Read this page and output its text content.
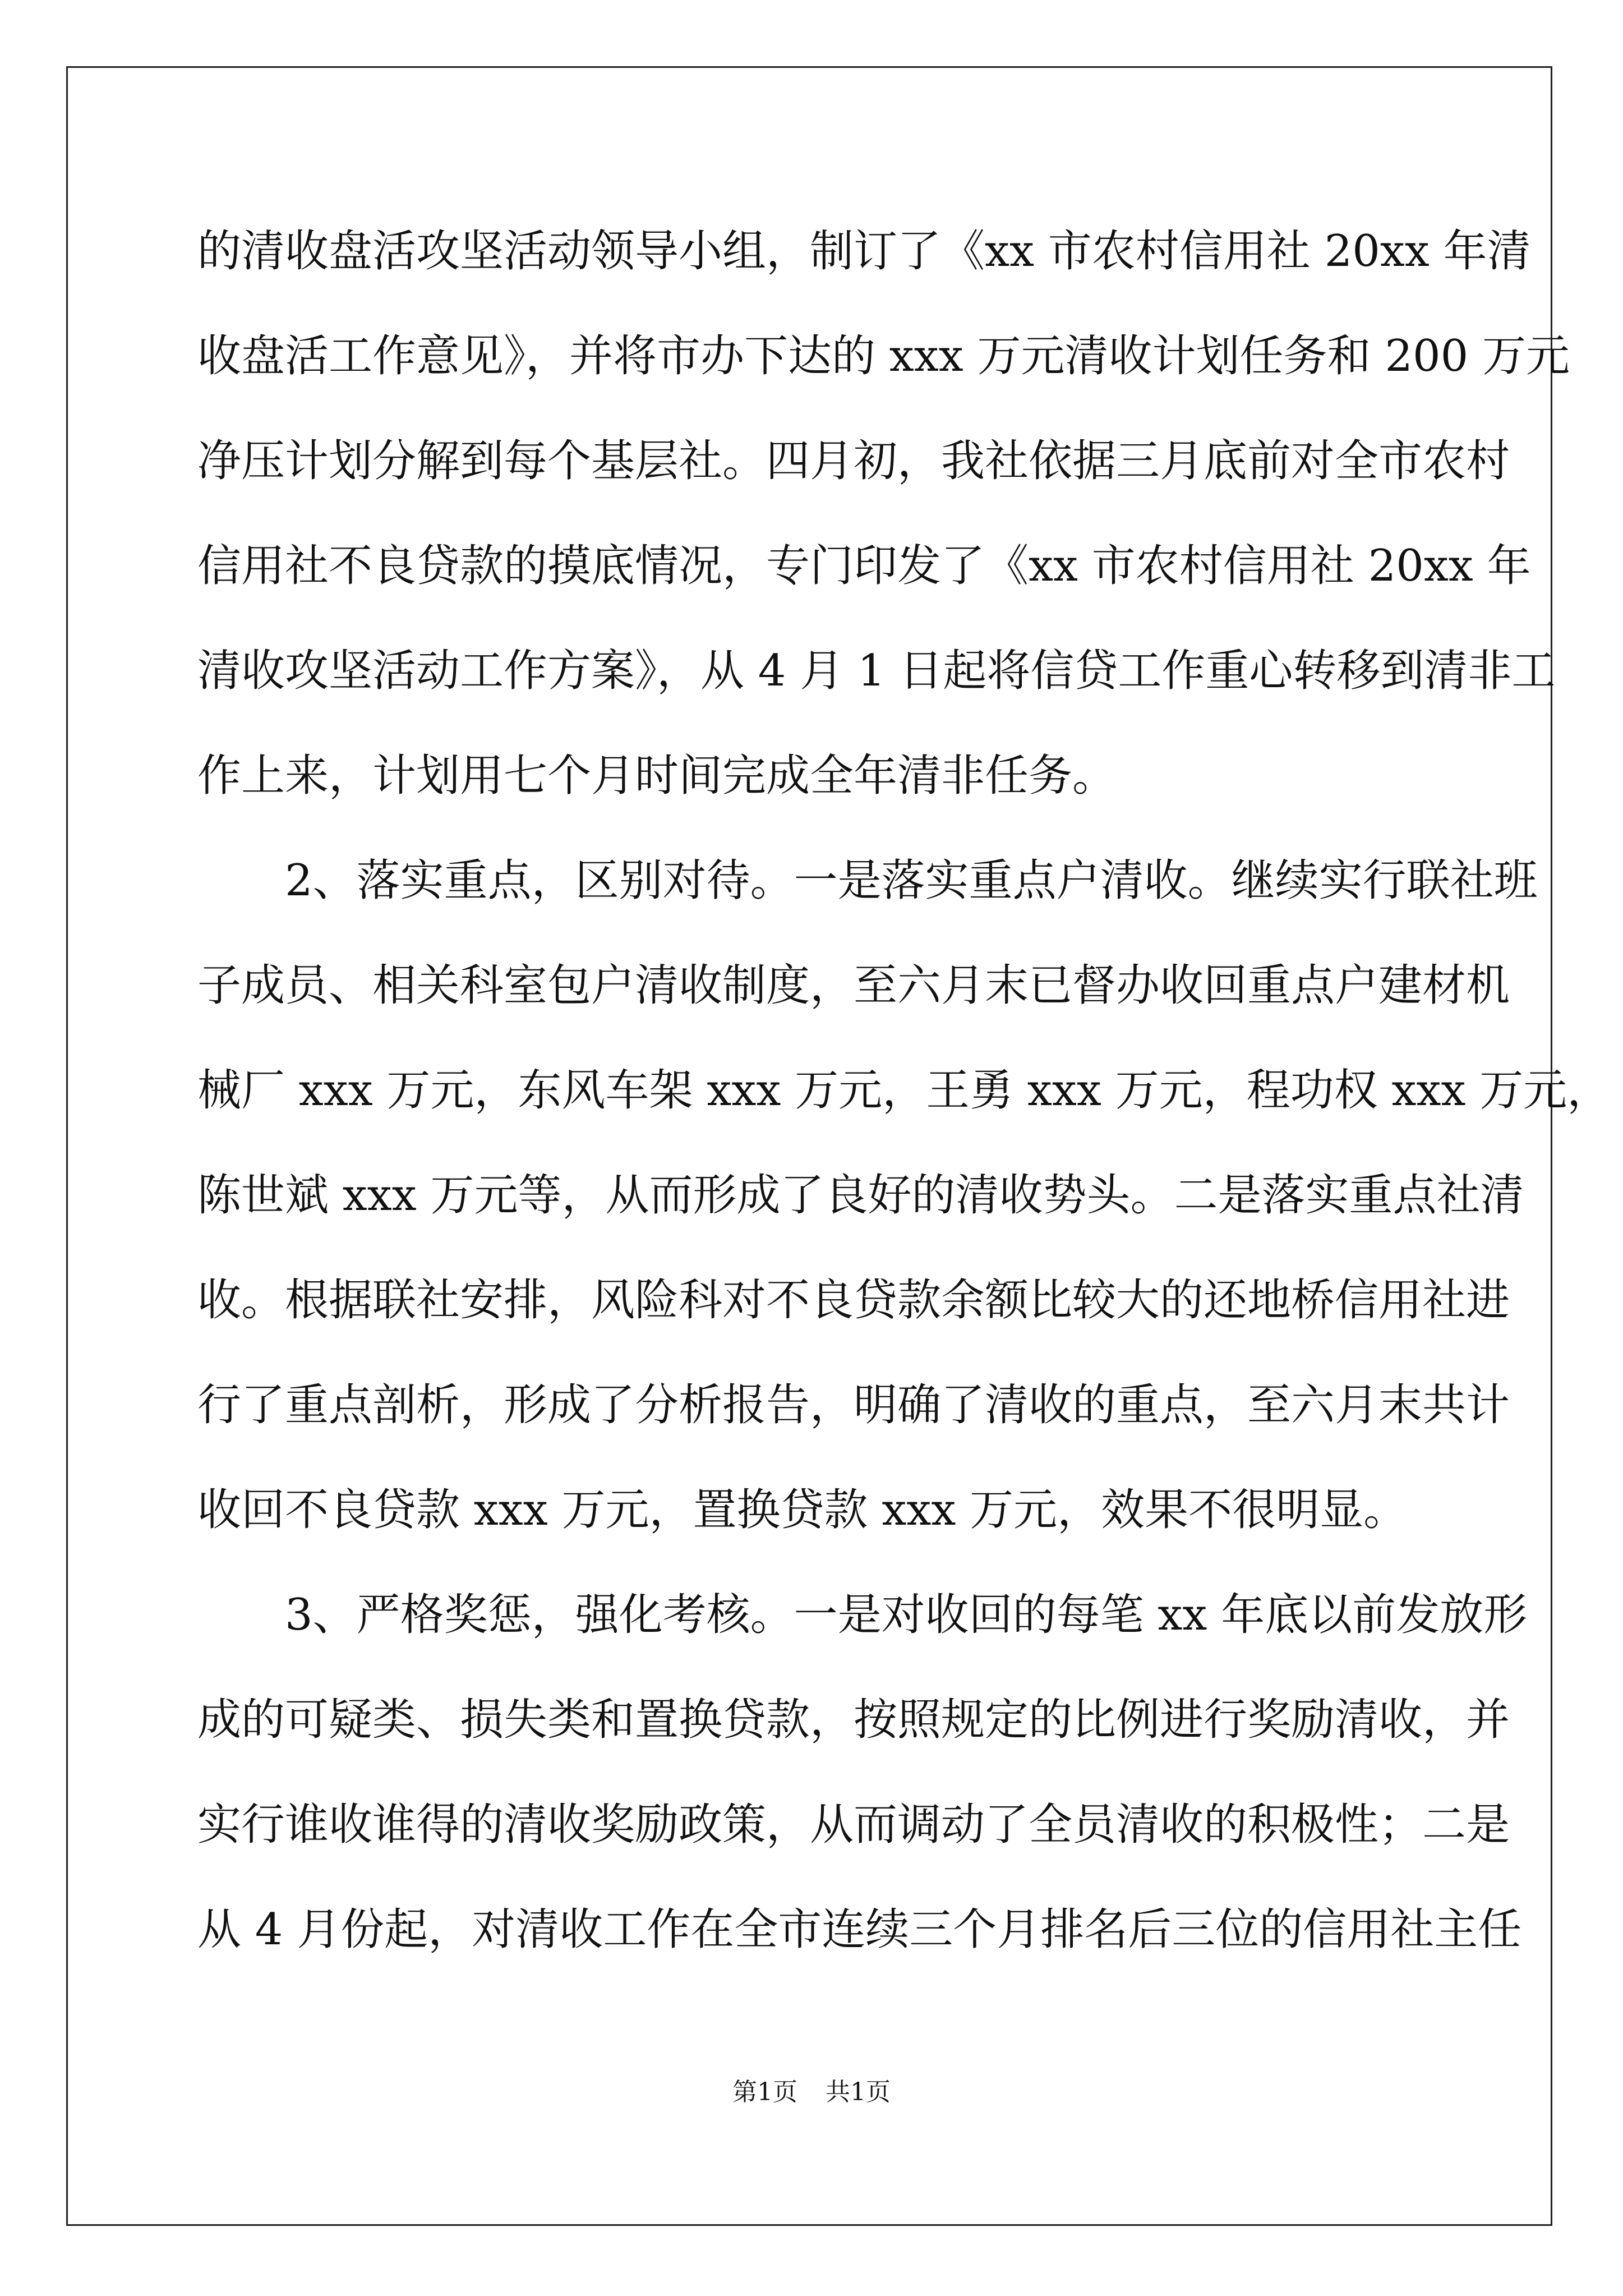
的清收盘活攻坚活动领导小组，制订了《xx 市农村信用社 20xx 年清
收盘活工作意见》，并将市办下达的 xxx 万元清收计划任务和 200 万元
净压计划分解到每个基层社。四月初，我社依据三月底前对全市农村
信用社不良贷款的摸底情况，专门印发了《xx 市农村信用社 20xx 年
清收攻坚活动工作方案》，从 4 月 1 日起将信贷工作重心转移到清非工
作上来，计划用七个月时间完成全年清非任务。
　　2、落实重点，区别对待。一是落实重点户清收。继续实行联社班
子成员、相关科室包户清收制度，至六月末已督办收回重点户建材机
械厂 xxx 万元，东风车架 xxx 万元，王勇 xxx 万元，程功权 xxx 万元，
陈世斌 xxx 万元等，从而形成了良好的清收势头。二是落实重点社清
收。根据联社安排，风险科对不良贷款余额比较大的还地桥信用社进
行了重点剖析，形成了分析报告，明确了清收的重点，至六月末共计
收回不良贷款 xxx 万元，置换贷款 xxx 万元，效果不很明显。
　　3、严格奖惩，强化考核。一是对收回的每笔 xx 年底以前发放形
成的可疑类、损失类和置换贷款，按照规定的比例进行奖励清收，并
实行谁收谁得的清收奖励政策，从而调动了全员清收的积极性；二是
从 4 月份起，对清收工作在全市连续三个月排名后三位的信用社主任
第1页 共1页
